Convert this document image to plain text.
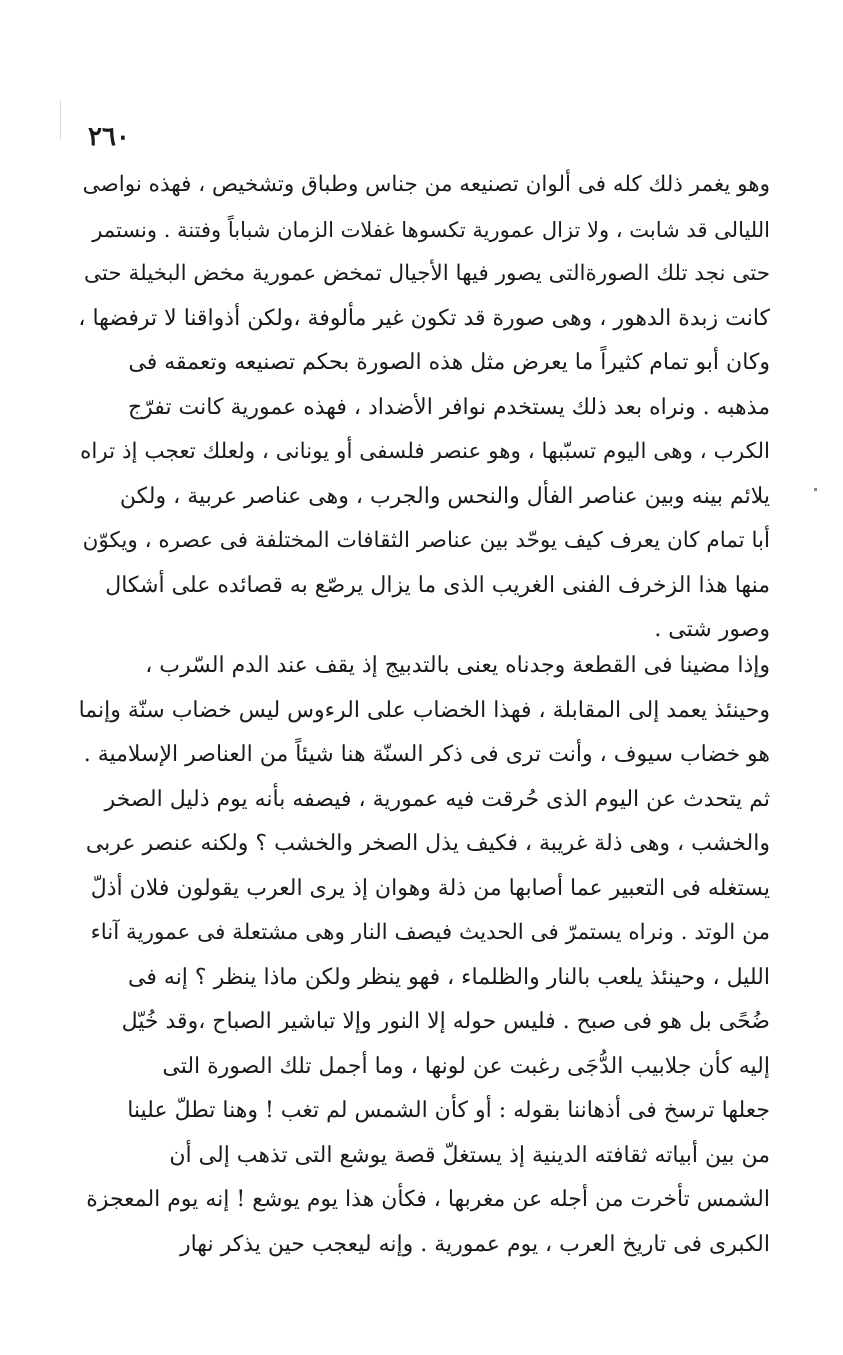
٢٦٠
وهو يغمر ذلك كله فى ألوان تصنيعه من جناس وطباق وتشخيص ، فهذه نواصى
الليالى قد شابت ، ولا تزال عمورية تكسوها غفلات الزمان شباباً وفتنة . ونستمر
حتى نجد تلك الصورةالتى يصور فيها الأجيال تمخض عمورية مخض البخيلة حتى
كانت زبدة الدهور ، وهى صورة قد تكون غير مألوفة ،ولكن أذواقنا لا ترفضها ،
وكان أبو تمام كثيراً ما يعرض مثل هذه الصورة بحكم تصنيعه وتعمقه فى
مذهبه . ونراه بعد ذلك يستخدم نوافر الأضداد ، فهذه عمورية كانت تفرّج
الكرب ، وهى اليوم تسبّبها ، وهو عنصر فلسفى أو يونانى ، ولعلك تعجب إذ تراه
يلائم بينه وبين عناصر الفأل والنحس والجرب ، وهى عناصر عربية ، ولكن
أبا تمام كان يعرف كيف يوحّد بين عناصر الثقافات المختلفة فى عصره ، ويكوّن
منها هذا الزخرف الفنى الغريب الذى ما يزال يرصّع به قصائده على أشكال
وصور شتى .
وإذا مضينا فى القطعة وجدناه يعنى بالتدبيج إذ يقف عند الدم السّرب ،
وحينئذ يعمد إلى المقابلة ، فهذا الخضاب على الرءوس ليس خضاب سنّة وإنما
هو خضاب سيوف ، وأنت ترى فى ذكر السنّة هنا شيئاً من العناصر الإسلامية .
ثم يتحدث عن اليوم الذى حُرقت فيه عمورية ، فيصفه بأنه يوم ذليل الصخر
والخشب ، وهى ذلة غريبة ، فكيف يذل الصخر والخشب ؟ ولكنه عنصر عربى
يستغله فى التعبير عما أصابها من ذلة وهوان إذ يرى العرب يقولون فلان أذلّ
من الوتد . ونراه يستمرّ فى الحديث فيصف النار وهى مشتعلة فى عمورية آناء
الليل ، وحينئذ يلعب بالنار والظلماء ، فهو ينظر ولكن ماذا ينظر ؟ إنه فى
ضُحًى بل هو فى صبح . فليس حوله إلا النور وإلا تباشير الصباح ،وقد خُيّل
إليه كأن جلابيب الدُّجَى رغبت عن لونها ، وما أجمل تلك الصورة التى
جعلها ترسخ فى أذهاننا بقوله : أو كأن الشمس لم تغب ! وهنا تطلّ علينا
من بين أبياته ثقافته الدينية إذ يستغلّ قصة يوشع التى تذهب إلى أن
الشمس تأخرت من أجله عن مغربها ، فكأن هذا يوم يوشع ! إنه يوم المعجزة
الكبرى فى تاريخ العرب ، يوم عمورية . وإنه ليعجب حين يذكر نهار
